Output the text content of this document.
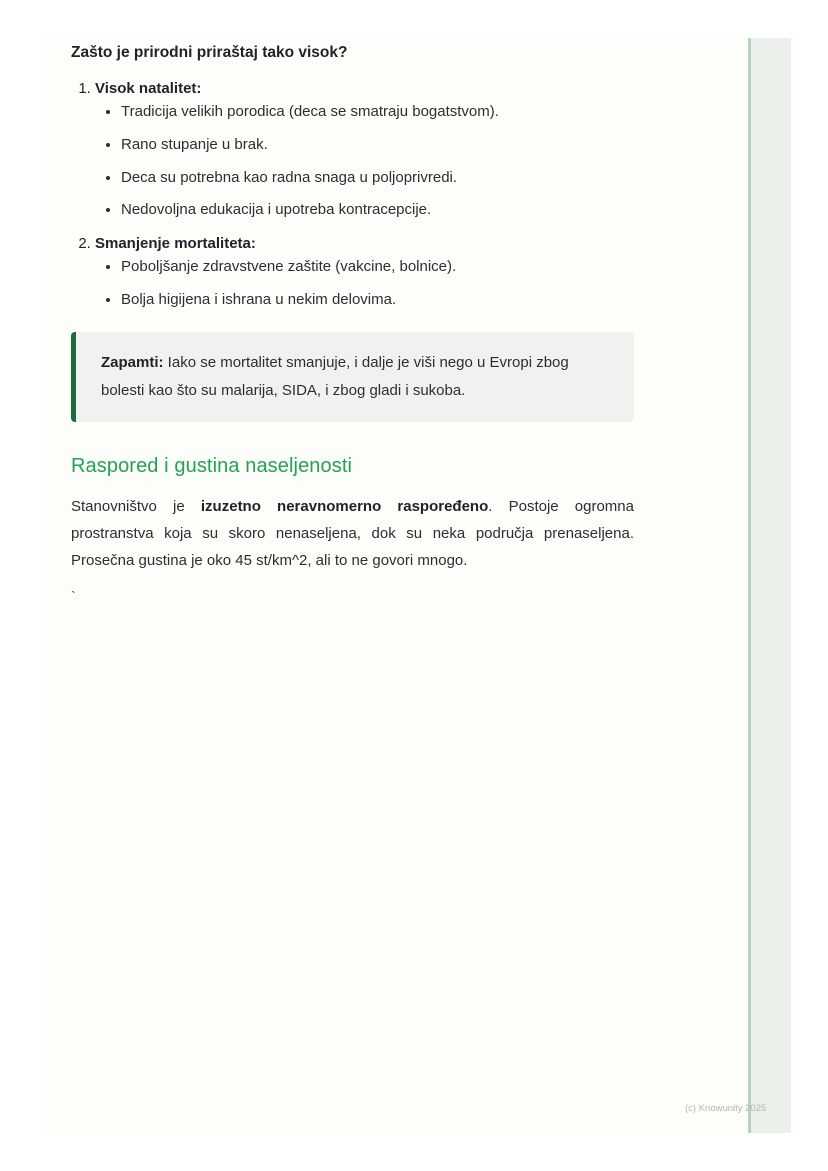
Zašto je prirodni priraštaj tako visok?
1. Visok natalitet:
• Tradicija velikih porodica (deca se smatraju bogatstvom).
• Rano stupanje u brak.
• Deca su potrebna kao radna snaga u poljoprivredi.
• Nedovoljna edukacija i upotreba kontracepcije.
2. Smanjenje mortaliteta:
• Poboljšanje zdravstvene zaštite (vakcine, bolnice).
• Bolja higijena i ishrana u nekim delovima.
Zapamti: Iako se mortalitet smanjuje, i dalje je viši nego u Evropi zbog bolesti kao što su malarija, SIDA, i zbog gladi i sukoba.
Raspored i gustina naseljenosti

Stanovništvo je izuzetno neravnomerno raspoređeno. Postoje ogromna prostranstva koja su skoro nenaseljena, dok su neka područja prenaseljena. Prosečna gustina je oko 45 st/km^2, ali to ne govori mnogo.

`
(c) Knowunity 2025
